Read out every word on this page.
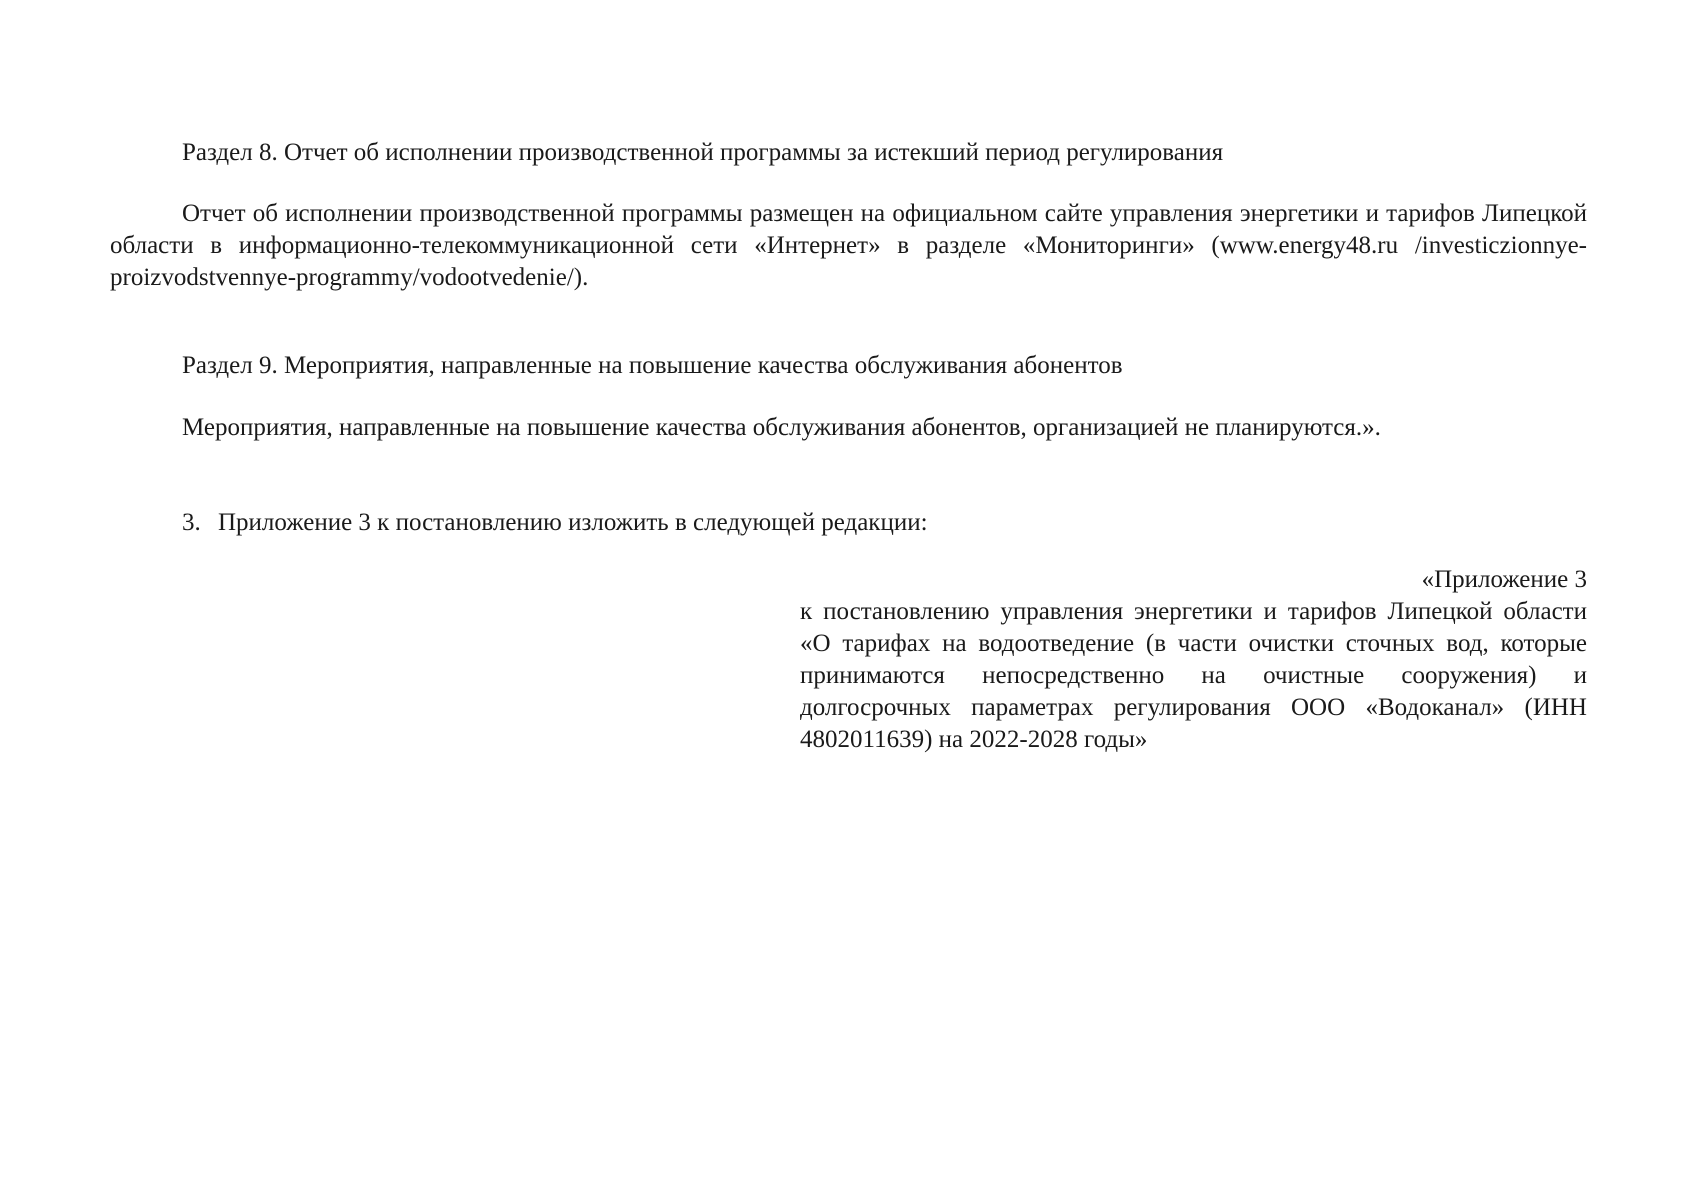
Раздел 8. Отчет об исполнении производственной программы за истекший период регулирования
Отчет об исполнении производственной программы размещен на официальном сайте управления энергетики и тарифов Липецкой области в информационно-телекоммуникационной сети «Интернет» в разделе «Мониторинги» (www.energy48.ru /investiczionnye-proizvodstvennye-programmy/vodootvedenie/).
Раздел 9. Мероприятия, направленные на повышение качества обслуживания абонентов
Мероприятия, направленные на повышение качества обслуживания абонентов, организацией не планируются.».
3. Приложение 3 к постановлению изложить в следующей редакции:
«Приложение 3
к постановлению управления энергетики и тарифов Липецкой области «О тарифах на водоотведение (в части очистки сточных вод, которые принимаются непосредственно на очистные сооружения) и долгосрочных параметрах регулирования ООО «Водоканал» (ИНН 4802011639) на 2022-2028 годы»
